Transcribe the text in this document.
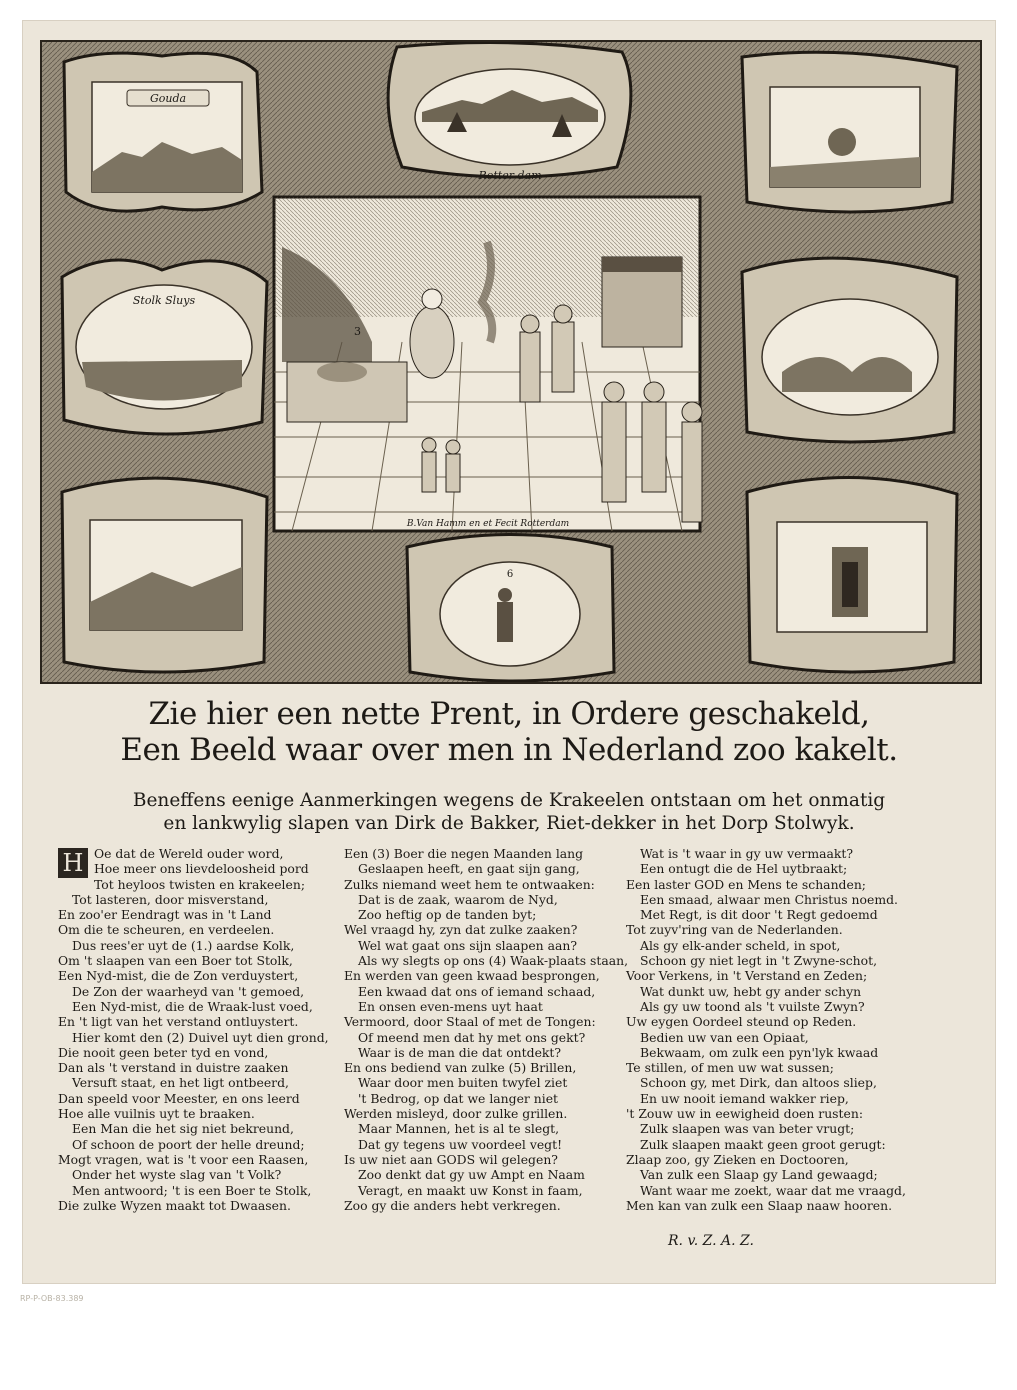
3
B.Van Hamm en et Fecit Rotterdam
Gouda
Rotter dam
Stolk Sluys
6
Zie hier een nette Prent, in Ordere geschakeld,
Een Beeld waar over men in Nederland zoo kakelt.
Beneffens eenige Aanmerkingen wegens de Krakeelen ontstaan om het onmatig
en lankwylig slapen van Dirk de Bakker, Riet-dekker in het Dorp Stolwyk.
H Oe dat de Wereld ouder word,
Hoe meer ons lievdeloosheid pord
Tot heyloos twisten en krakeelen;
Tot lasteren, door misverstand,
En zoo'er Eendragt was in 't Land
Om die te scheuren, en verdeelen.
Dus rees'er uyt de (1.) aardse Kolk,
Om 't slaapen van een Boer tot Stolk,
Een Nyd-mist, die de Zon verduystert,
De Zon der waarheyd van 't gemoed,
Een Nyd-mist, die de Wraak-lust voed,
En 't ligt van het verstand ontluystert.
Hier komt den (2) Duivel uyt dien grond,
Die nooit geen beter tyd en vond,
Dan als 't verstand in duistre zaaken
Versuft staat, en het ligt ontbeerd,
Dan speeld voor Meester, en ons leerd
Hoe alle vuilnis uyt te braaken.
Een Man die het sig niet bekreund,
Of schoon de poort der helle dreund;
Mogt vragen, wat is 't voor een Raasen,
Onder het wyste slag van 't Volk?
Men antwoord; 't is een Boer te Stolk,
Die zulke Wyzen maakt tot Dwaasen.
Een (3) Boer die negen Maanden lang
Geslaapen heeft, en gaat sijn gang,
Zulks niemand weet hem te ontwaaken:
Dat is de zaak, waarom de Nyd,
Zoo heftig op de tanden byt;
Wel vraagd hy, zyn dat zulke zaaken?
Wel wat gaat ons sijn slaapen aan?
Als wy slegts op ons (4) Waak-plaats staan,
En werden van geen kwaad besprongen,
Een kwaad dat ons of iemand schaad,
En onsen even-mens uyt haat
Vermoord, door Staal of met de Tongen:
Of meend men dat hy met ons gekt?
Waar is de man die dat ontdekt?
En ons bediend van zulke (5) Brillen,
Waar door men buiten twyfel ziet
't Bedrog, op dat we langer niet
Werden misleyd, door zulke grillen.
Maar Mannen, het is al te slegt,
Dat gy tegens uw voordeel vegt!
Is uw niet aan GODS wil gelegen?
Zoo denkt dat gy uw Ampt en Naam
Veragt, en maakt uw Konst in faam,
Zoo gy die anders hebt verkregen.
Wat is 't waar in gy uw vermaakt?
Een ontugt die de Hel uytbraakt;
Een laster GOD en Mens te schanden;
Een smaad, alwaar men Christus noemd.
Met Regt, is dit door 't Regt gedoemd
Tot zuyv'ring van de Nederlanden.
Als gy elk-ander scheld, in spot,
Schoon gy niet legt in 't Zwyne-schot,
Voor Verkens, in 't Verstand en Zeden;
Wat dunkt uw, hebt gy ander schyn
Als gy uw toond als 't vuilste Zwyn?
Uw eygen Oordeel steund op Reden.
Bedien uw van een Opiaat,
Bekwaam, om zulk een pyn'lyk kwaad
Te stillen, of men uw wat sussen;
Schoon gy, met Dirk, dan altoos sliep,
En uw nooit iemand wakker riep,
't Zouw uw in eewigheid doen rusten:
Zulk slaapen was van beter vrugt;
Zulk slaapen maakt geen groot gerugt:
Zlaap zoo, gy Zieken en Doctooren,
Van zulk een Slaap gy Land gewaagd;
Want waar me zoekt, waar dat me vraagd,
Men kan van zulk een Slaap naaw hooren.
R. v. Z. A. Z.
RP-P-OB-83.389
